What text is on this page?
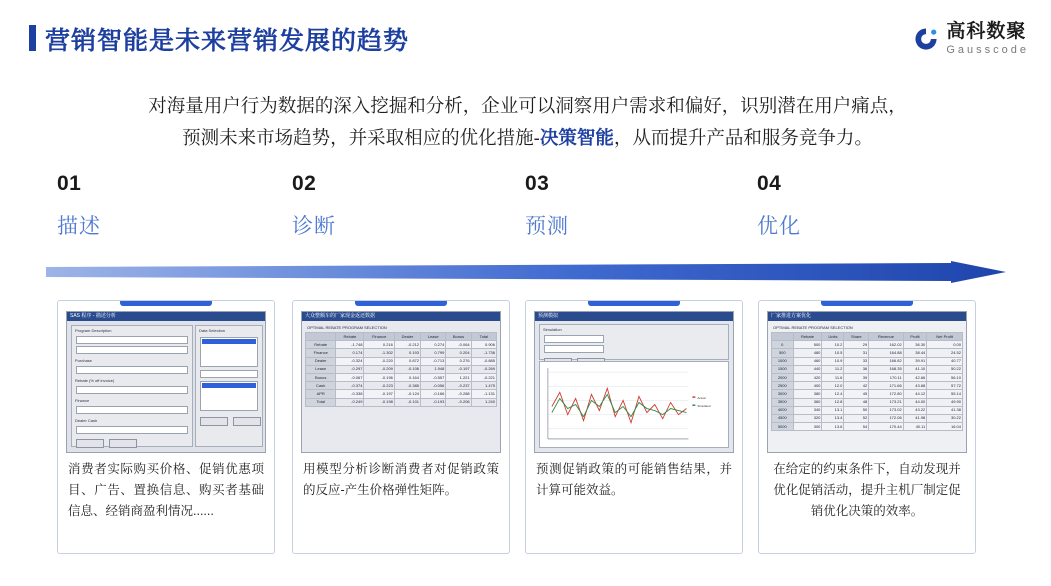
营销智能是未来营销发展的趋势	高科数聚
Gausscode
对海量用户行为数据的深入挖掘和分析，企业可以洞察用户需求和偏好，识别潜在用户痛点，
预测未来市场趋势，并采取相应的优化措施-决策智能，从而提升产品和服务竞争力。
01
描述
02
诊断
03
预测
04
优化
SAS 程序 - 描述分析
Program Description
Purchase
Rebate (% off invoice)
Finance
Dealer Cash

Data Selection

消费者实际购买价格、促销优惠项目、广告、置换信息、购买者基础信息、经销商盈利情况......
大众整额车的厂家现金返还数据
OPTIMAL REBATE PROGRAM SELECTION
	Rebate	Finance	Dealer	Lease	Bonus	Total
Rebate	-1.748	0.216	-0.212	0.274	-0.064	0.906
Finance	0.174	-1.302	0.193	0.799	0.204	-1.736
Dealer	-0.324	-0.220	0.872	-0.713	0.276	-0.885
Lease	-0.297	-0.209	-0.106	1.948	-0.197	-0.269
Bonus	-0.067	-0.196	0.164	-0.557	1.221	-0.221
Cash	-0.374	-0.223	-0.385	-0.056	-0.237	1.475
APR	-0.338	-0.197	-0.124	-0.166	-0.288	-1.131
Total	-0.249	-0.198	-0.101	-0.193	-0.206	1.240
用模型分析诊断消费者对促销政策的反应-产生价格弹性矩阵。
预测模拟
Simulation

Actual
Simulated
预测促销政策的可能销售结果，并计算可能效益。
厂家推进方案优化
OPTIMAL REBATE PROGRAM SELECTION
	Rebate	Units	Share	Revenue	Profit	Net Profit
0	500	10.2	29	162.02	36.30	0.00
500	480	10.5	31	164.88	38.44	24.52
1000	460	10.9	33	166.82	39.91	40.77
1500	440	11.2	36	168.35	41.10	50.22
2000	420	11.6	39	170.11	42.66	56.10
2500	400	12.0	42	171.66	43.68	57.72
3000	380	12.4	45	172.80	44.12	55.14
3500	360	12.8	48	173.21	44.00	49.90
4000	340	13.1	50	173.02	43.22	41.38
4500	320	13.4	52	172.06	41.98	30.22
5000	300	13.6	54	170.44	40.11	16.04
在给定的约束条件下，自动发现并优化促销活动，提升主机厂制定促销优化决策的效率。
